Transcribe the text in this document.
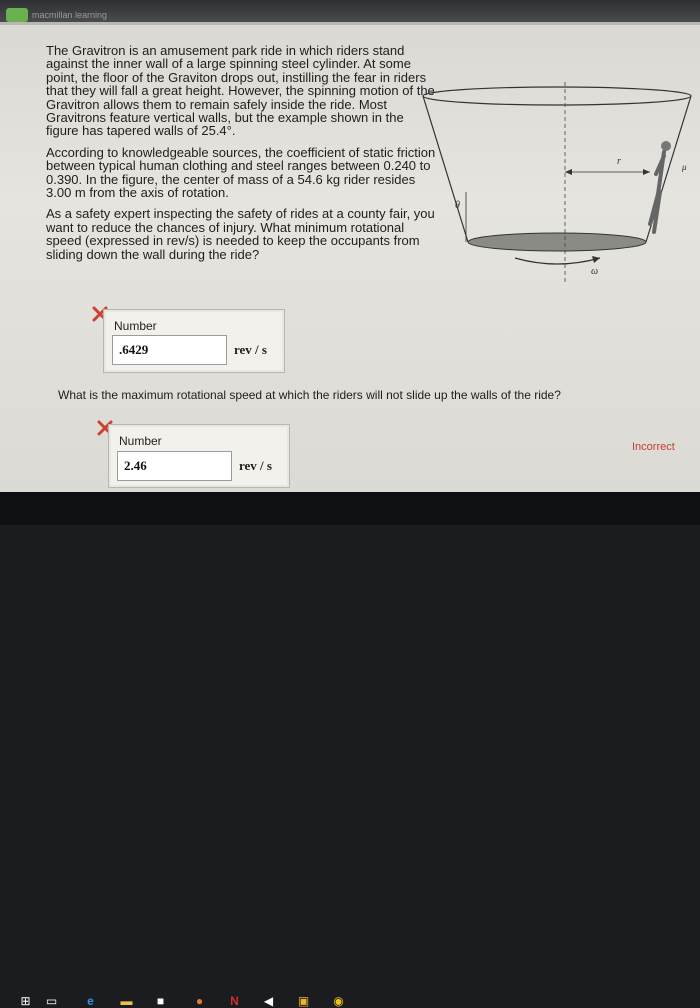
macmillan learning

The Gravitron is an amusement park ride in which riders stand against the inner wall of a large spinning steel cylinder. At some point, the floor of the Graviton drops out, instilling the fear in riders that they will fall a great height. However, the spinning motion of the Gravitron allows them to remain safely inside the ride. Most Gravitrons feature vertical walls, but the example shown in the figure has tapered walls of 25.4°.

According to knowledgeable sources, the coefficient of static friction between typical human clothing and steel ranges between 0.240 to 0.390. In the figure, the center of mass of a 54.6 kg rider resides 3.00 m from the axis of rotation.

As a safety expert inspecting the safety of rides at a county fair, you want to reduce the chances of injury. What minimum rotational speed (expressed in rev/s) is needed to keep the occupants from sliding down the wall during the ride?

r
θ
ω
μ
Number
.6429	rev / s
What is the maximum rotational speed at which the riders will not slide up the walls of the ride?
Number
2.46	rev / s
Incorrect
⊞ ▭ e ▬ ■	● N ◀ ▣ ◉
